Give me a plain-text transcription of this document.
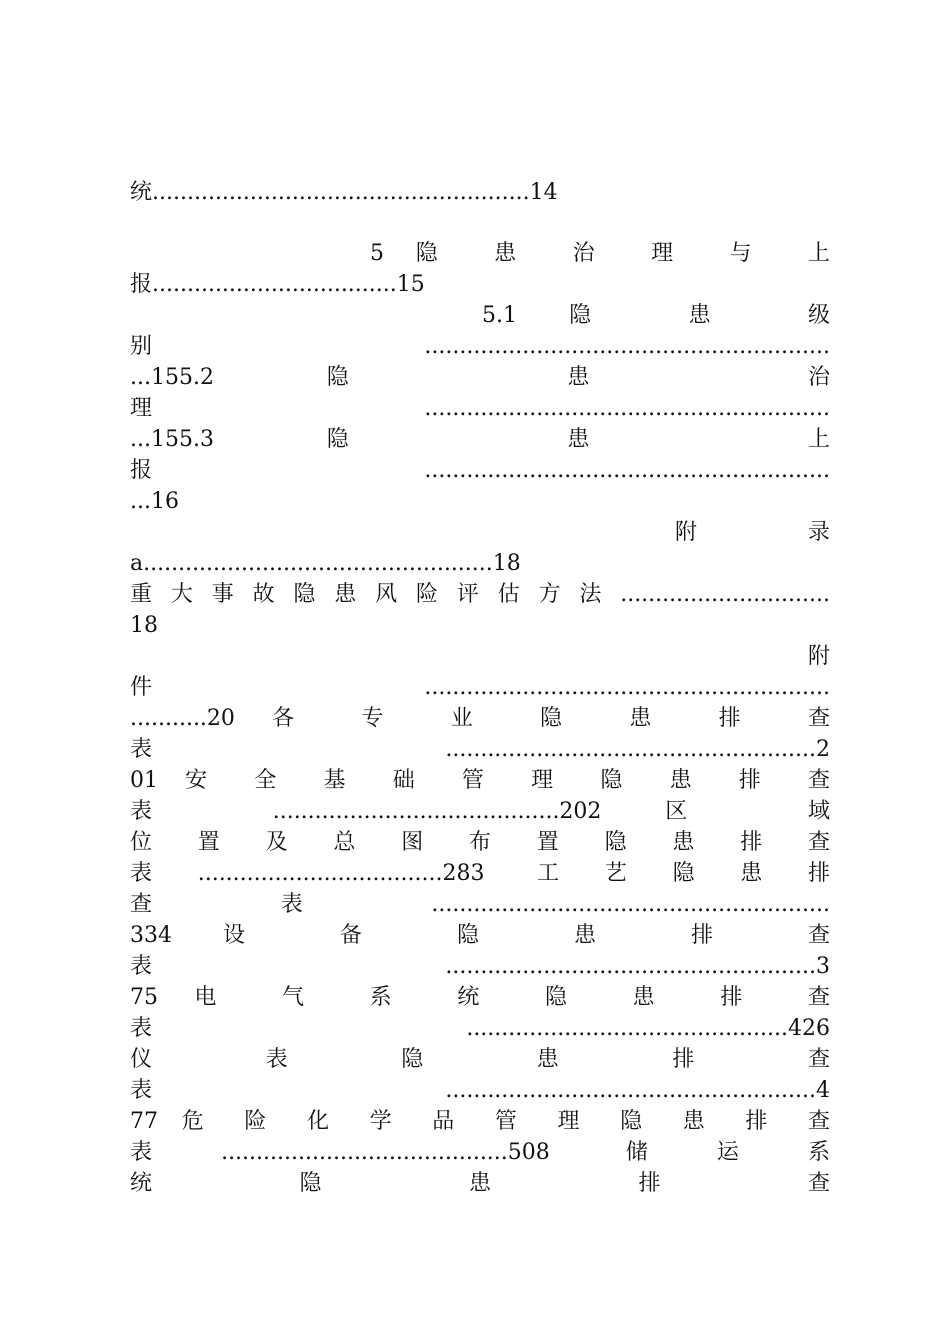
统......................................................14
5 隐 患 治 理 与 上
报...................................15
5.1 隐 患 级
别..........................................................
...155.2 隐 患 治
理..........................................................
...155.3 隐 患 上
报..........................................................
...16
附 录
a..................................................18
重大事故隐患风险评估方法..............................
18
附
件..........................................................
...........20 各 专 业 隐 患 排 查
表.....................................................2
01 安 全 基 础 管 理 隐 患 排 查
表 .........................................202 区 域
位 置 及 总 图 布 置 隐 患 排 查
表...................................283 工艺隐患排
查表.........................................................
334 设 备 隐 患 排 查
表.....................................................3
75 电 气 系 统 隐 患 排 查
表 ..............................................426
仪 表 隐 患 排 查
表.....................................................4
77 危 险 化 学 品 管 理 隐 患 排 查
表.........................................508 储运系
统 隐 患 排 查
